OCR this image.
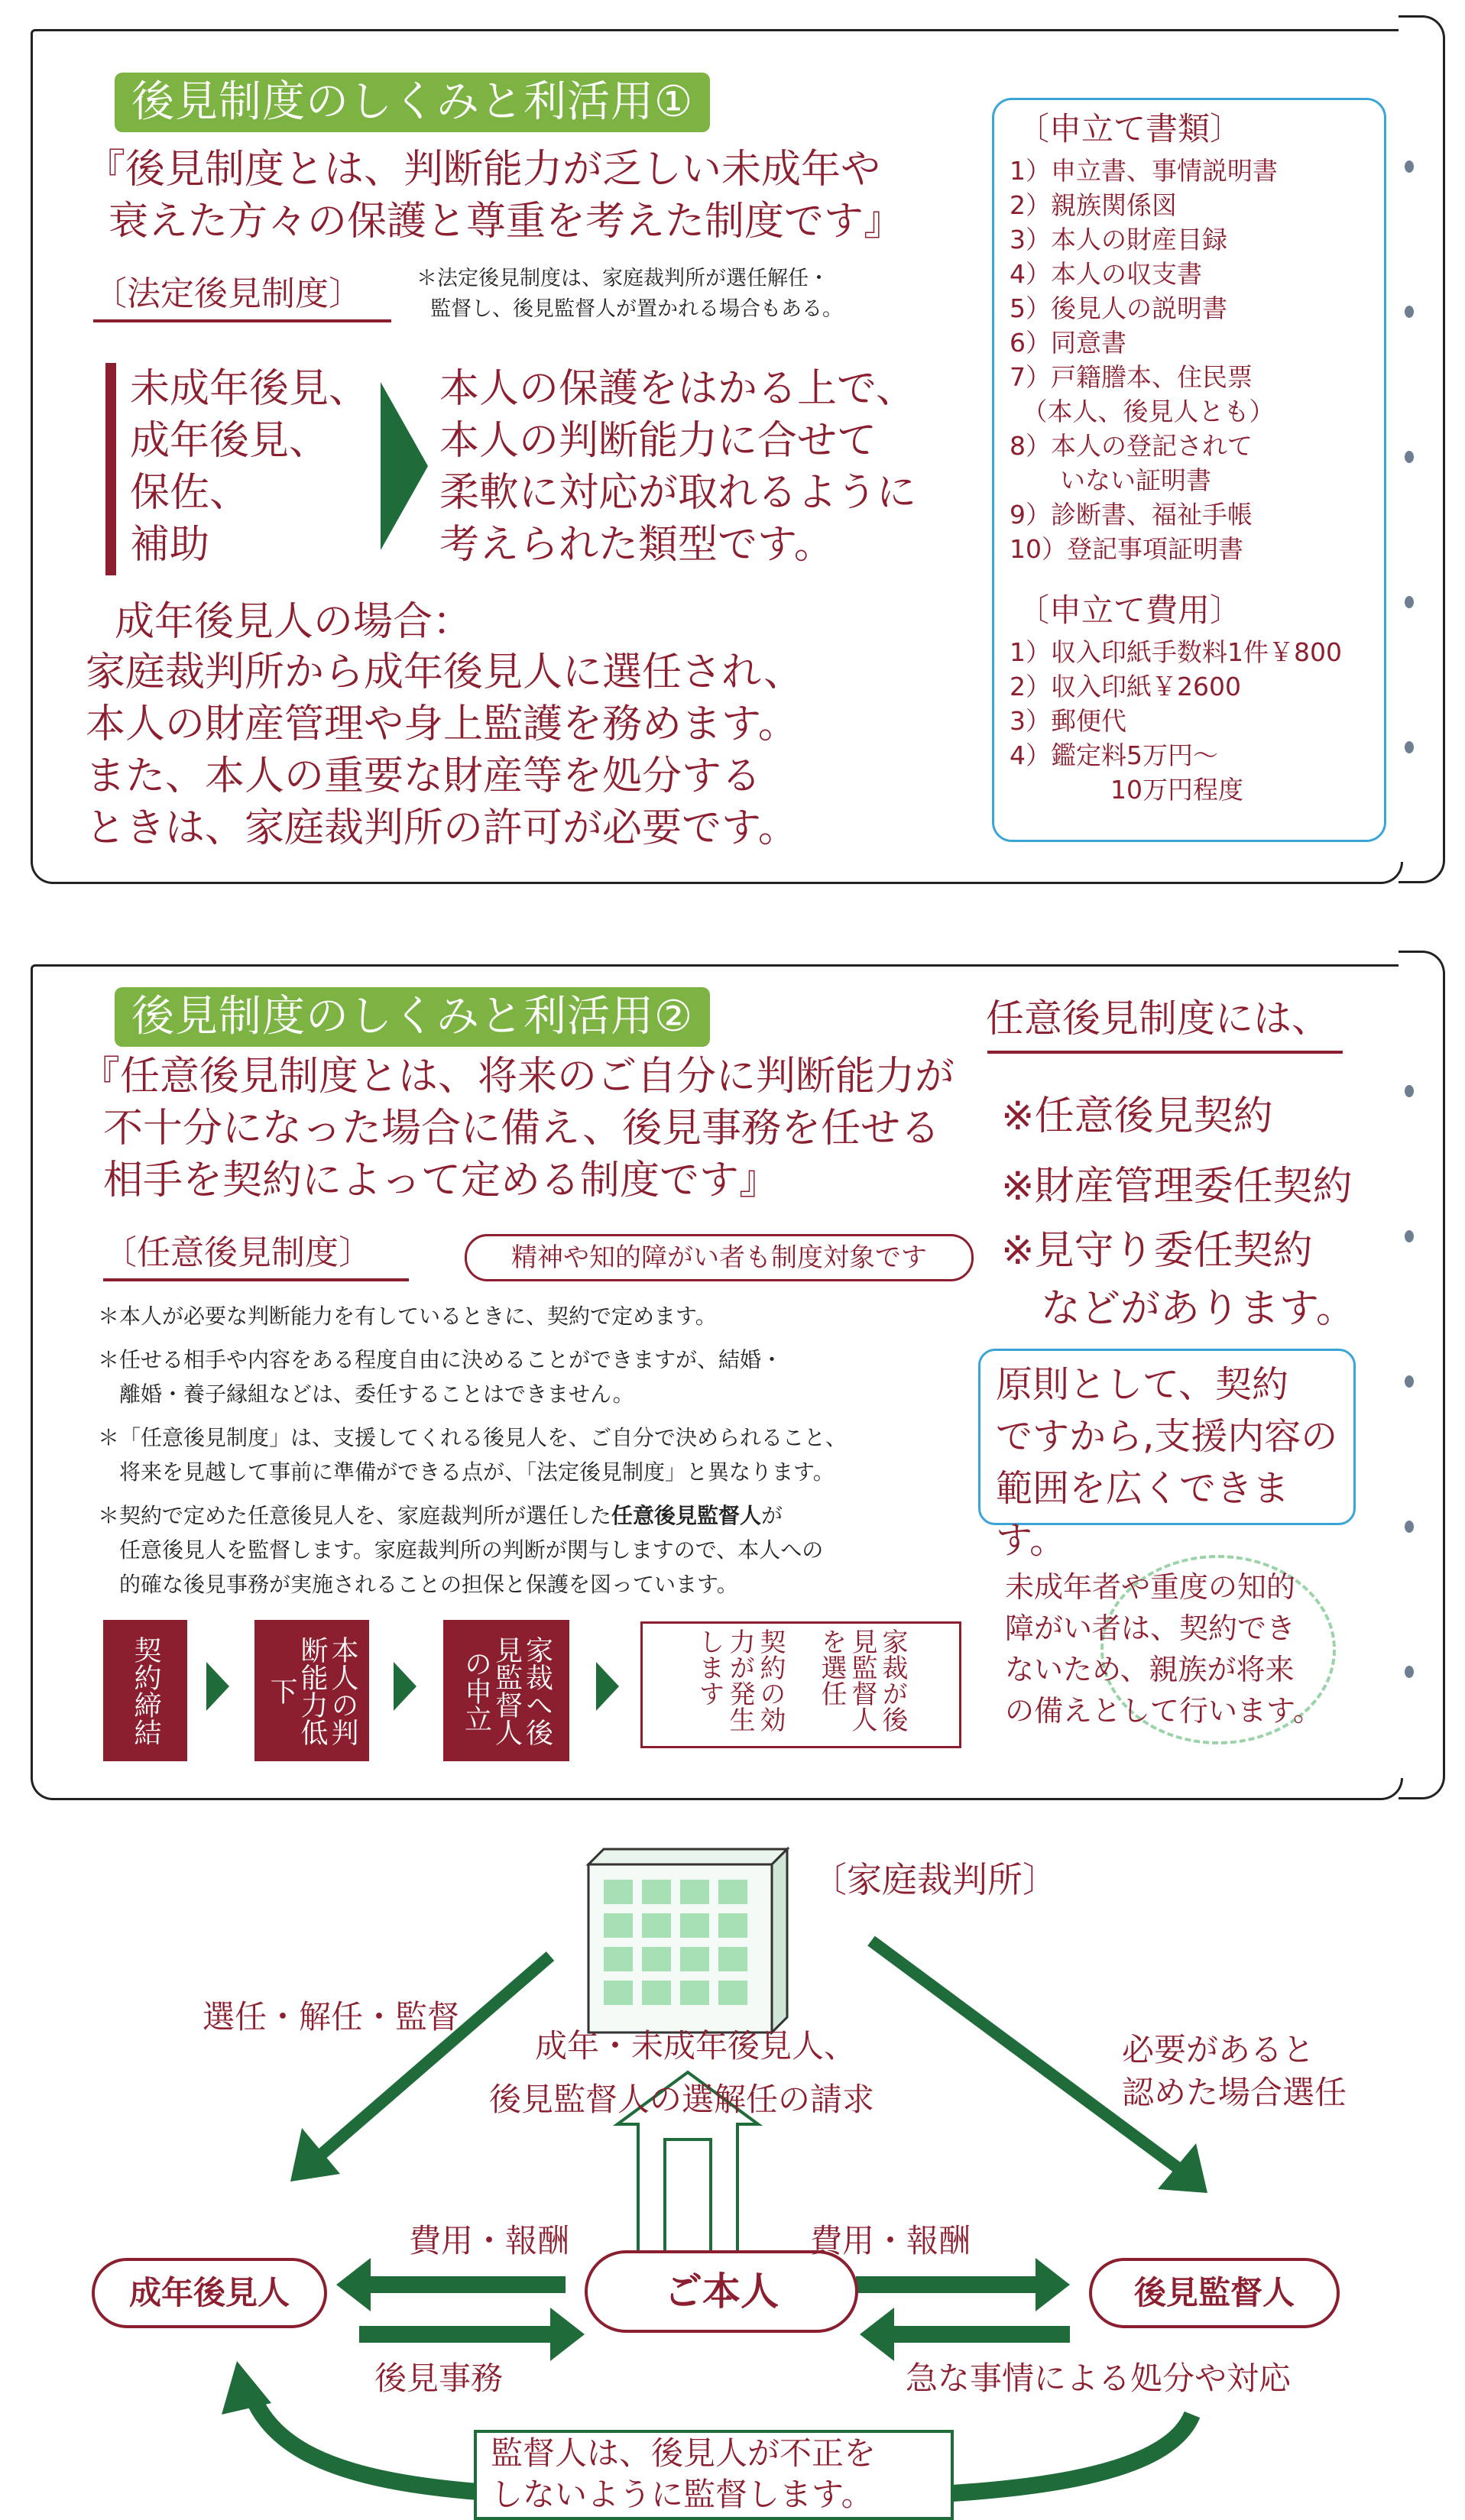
後見制度のしくみと利活用①
『後見制度とは、判断能力が乏しい未成年や
衰えた方々の保護と尊重を考えた制度です』
〔法定後見制度〕	＊法定後見制度は、家庭裁判所が選任解任・
監督し、後見監督人が置かれる場合もある。
未成年後見、
成年後見、
保佐、
補助
本人の保護をはかる上で、
本人の判断能力に合せて
柔軟に対応が取れるように
考えられた類型です。
成年後見人の場合：
家庭裁判所から成年後見人に選任され、
本人の財産管理や身上監護を務めます。
また、本人の重要な財産等を処分する
ときは、家庭裁判所の許可が必要です。
〔申立て書類〕
1）申立書、事情説明書
2）親族関係図
3）本人の財産目録
4）本人の収支書
5）後見人の説明書
6）同意書
7）戸籍謄本、住民票
　（本人、後見人とも）
8）本人の登記されて
　　いない証明書
9）診断書、福祉手帳
10）登記事項証明書
〔申立て費用〕
1）収入印紙手数料1件￥800
2）収入印紙￥2600
3）郵便代
4）鑑定料5万円～
　　　　10万円程度
後見制度のしくみと利活用②
『任意後見制度とは、将来のご自分に判断能力が
不十分になった場合に備え、後見事務を任せる
相手を契約によって定める制度です』
〔任意後見制度〕	精神や知的障がい者も制度対象です
＊本人が必要な判断能力を有しているときに、契約で定めます。
＊任せる相手や内容をある程度自由に決めることができますが、結婚・
　離婚・養子縁組などは、委任することはできません。
＊「任意後見制度」は、支援してくれる後見人を、ご自分で決められること、
　将来を見越して事前に準備ができる点が、「法定後見制度」と異なります。
＊契約で定めた任意後見人を、家庭裁判所が選任した任意後見監督人が
　任意後見人を監督します。家庭裁判所の判断が関与しますので、本人への
　的確な後見事務が実施されることの担保と保護を図っています。
契約締結	本人の判断能力低下	家裁へ後見監督人の申立	家裁が後見監督人を選任
契約の効力が発生します
任意後見制度には、
※任意後見契約
※財産管理委任契約
※見守り委任契約
　などがあります。
原則として、契約
ですから,支援内容の
範囲を広くできます。
未成年者や重度の知的
障がい者は、契約でき
ないため、親族が将来
の備えとして行います。
〔家庭裁判所〕
選任・解任・監督
成年・未成年後見人、
後見監督人の選解任の請求
必要があると
認めた場合選任
成年後見人	ご本人	後見監督人
費用・報酬	費用・報酬
後見事務	急な事情による処分や対応
監督人は、後見人が不正を
しないように監督します。
